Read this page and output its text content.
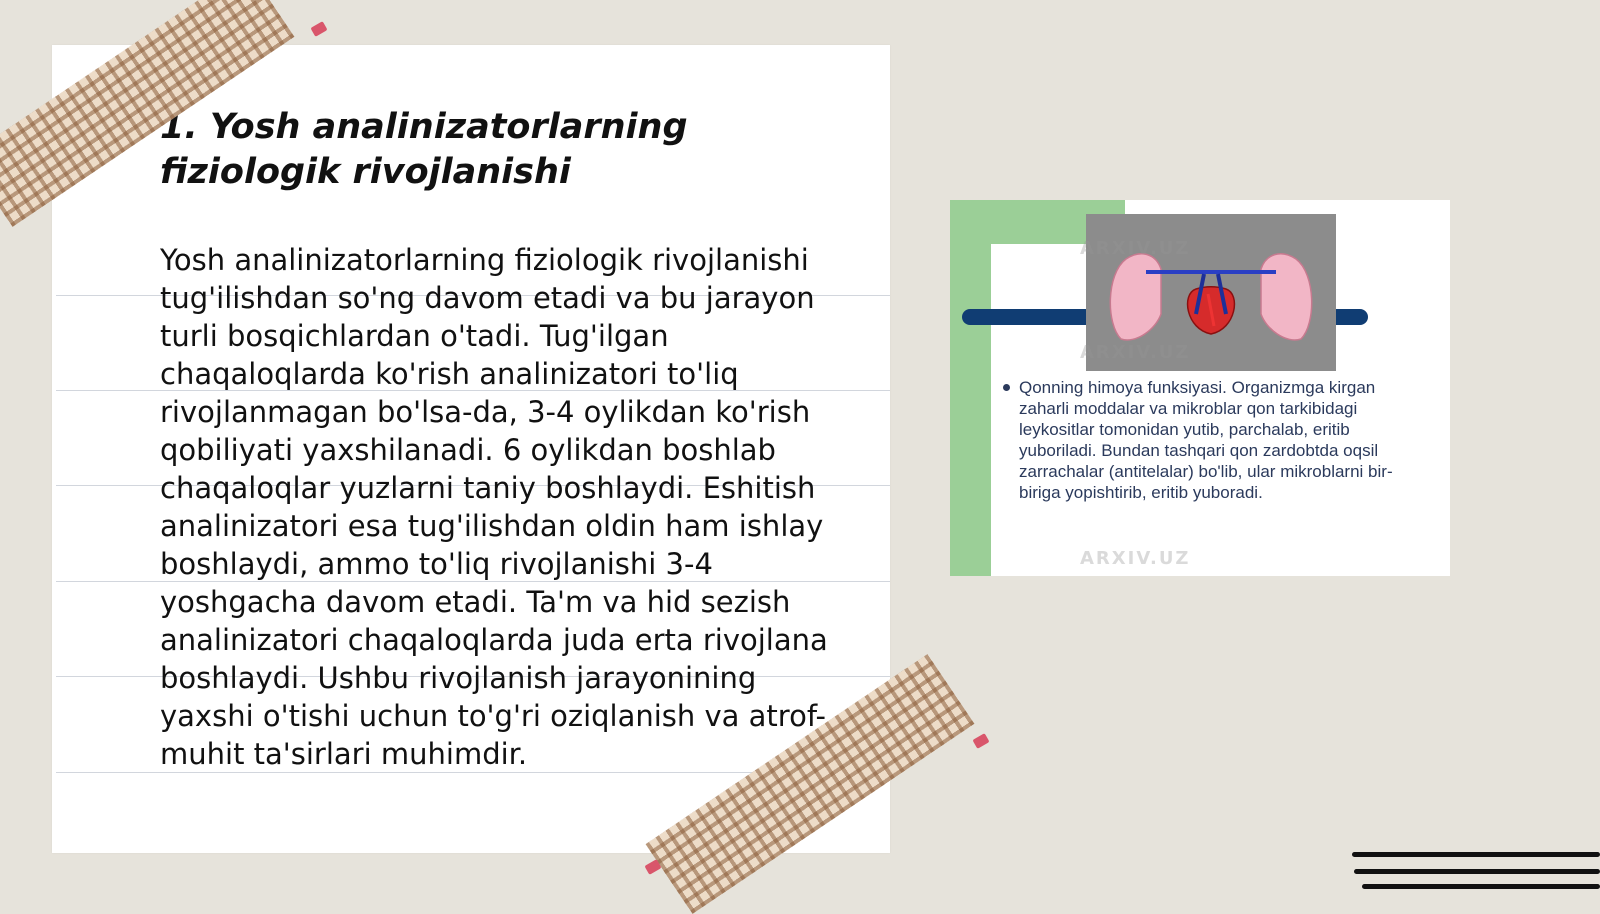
1. Yosh analinizatorlarning fiziologik rivojlanishi

Yosh analinizatorlarning fiziologik rivojlanishi tug'ilishdan so'ng davom etadi va bu jarayon turli bosqichlardan o'tadi. Tug'ilgan chaqaloqlarda ko'rish analinizatori to'liq rivojlanmagan bo'lsa-da, 3-4 oylikdan ko'rish qobiliyati yaxshilanadi. 6 oylikdan boshlab chaqaloqlar yuzlarni taniy boshlaydi. Eshitish analinizatori esa tug'ilishdan oldin ham ishlay boshlaydi, ammo to'liq rivojlanishi 3-4 yoshgacha davom etadi. Ta'm va hid sezish analinizatori chaqaloqlarda juda erta rivojlana boshlaydi. Ushbu rivojlanish jarayonining yaxshi o'tishi uchun to'g'ri oziqlanish va atrof-muhit ta'sirlari muhimdir.

ARXIV.UZ
ARXIV.UZ
ARXIV.UZ

Qonning himoya funksiyasi. Organizmga kirgan zaharli moddalar va mikroblar qon tarkibidagi leykositlar tomonidan yutib, parchalab, eritib yuboriladi. Bundan tashqari qon zardobtda oqsil zarrachalar (antitelalar) bo'lib, ular mikroblarni bir-biriga yopishtirib, eritib yuboradi.
